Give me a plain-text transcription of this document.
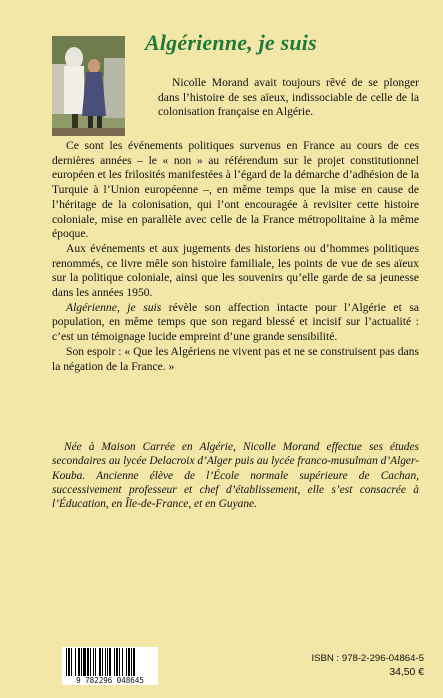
Algérienne, je suis

Nicolle Morand avait toujours rêvé de se plonger dans l’histoire de ses aïeux, indissociable de celle de la colonisation française en Algérie.

Ce sont les événements politiques survenus en France au cours de ces dernières années – le « non » au référendum sur le projet constitutionnel européen et les frilosités manifestées à l’égard de la démarche d’adhésion de la Turquie à l’Union européenne –, en même temps que la mise en cause de l’héritage de la colonisation, qui l’ont encouragée à revisiter cette histoire coloniale, mise en parallèle avec celle de la France métropolitaine à la même époque.

Aux événements et aux jugements des historiens ou d’hommes politiques renommés, ce livre mêle son histoire familiale, les points de vue de ses aïeux sur la politique coloniale, ainsi que les souvenirs qu’elle garde de sa jeunesse dans les années 1950.

Algérienne, je suis révèle son affection intacte pour l’Algérie et sa population, en même temps que son regard blessé et incisif sur l’actualité : c’est un témoignage lucide empreint d’une grande sensibilité.

Son espoir : « Que les Algériens ne vivent pas et ne se construisent pas dans la négation de la France. »

Née à Maison Carrée en Algérie, Nicolle Morand effectue ses études secondaires au lycée Delacroix d’Alger puis au lycée franco-musulman d’Alger-Kouba. Ancienne élève de l’École normale supérieure de Cachan, successivement professeur et chef d’établissement, elle s’est consacrée à l’Éducation, en Île-de-France, et en Guyane.

9 782296 048645
ISBN : 978-2-296-04864-5
34,50 €
